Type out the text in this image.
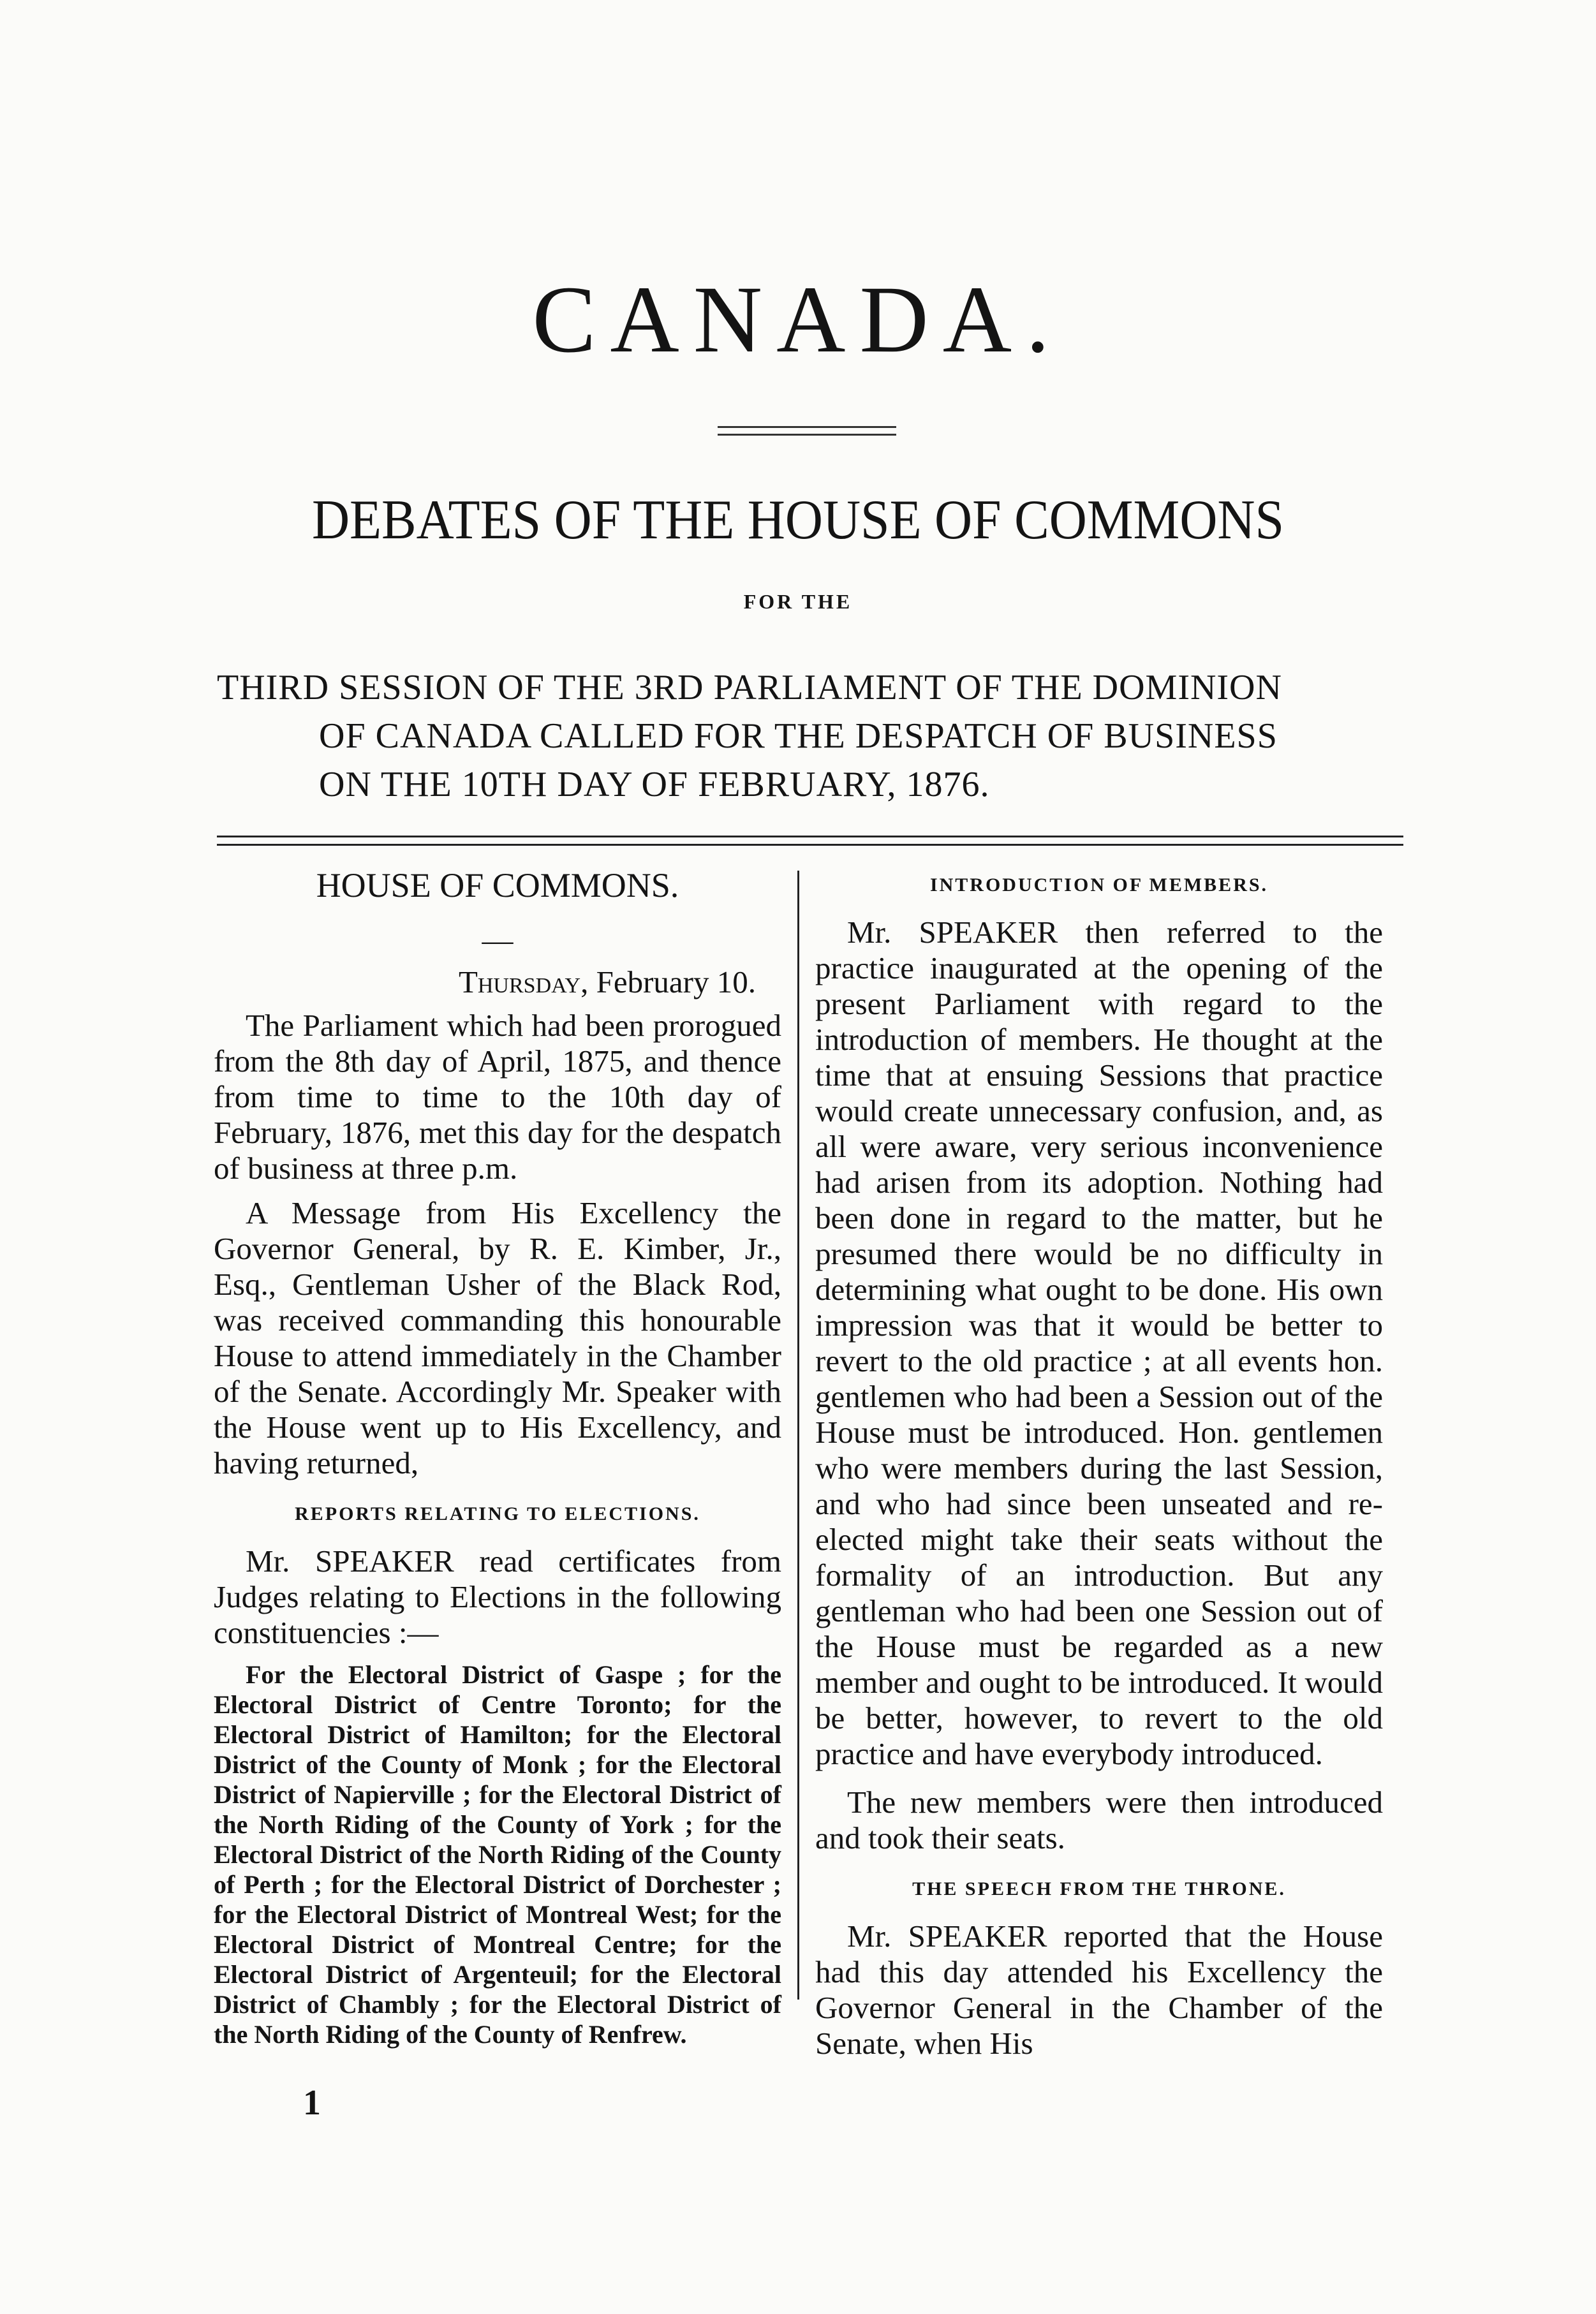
CANADA.
DEBATES OF THE HOUSE OF COMMONS
FOR THE

THIRD SESSION OF THE 3RD PARLIAMENT OF THE DOMINION

OF CANADA CALLED FOR THE DESPATCH OF BUSINESS

ON THE 10TH DAY OF FEBRUARY, 1876.

HOUSE OF COMMONS.
—
Thursday, February 10.

The Parliament which had been prorogued from the 8th day of April, 1875, and thence from time to time to the 10th day of February, 1876, met this day for the despatch of business at three p.m.

A Message from His Excellency the Governor General, by R. E. Kimber, Jr., Esq., Gentleman Usher of the Black Rod, was received commanding this honourable House to attend immediately in the Chamber of the Senate. Accordingly Mr. Speaker with the House went up to His Excellency, and having returned,

REPORTS RELATING TO ELECTIONS.

Mr. SPEAKER read certificates from Judges relating to Elections in the following constituencies :—

For the Electoral District of Gaspe ; for the Electoral District of Centre Toronto; for the Electoral District of Hamilton; for the Electoral District of the County of Monk ; for the Electoral District of Napierville ; for the Electoral District of the North Riding of the County of York ; for the Electoral District of the North Riding of the County of Perth ; for the Electoral District of Dorchester ; for the Electoral District of Montreal West; for the Electoral District of Montreal Centre; for the Electoral District of Argenteuil; for the Electoral District of Chambly ; for the Electoral District of the North Riding of the County of Renfrew.

INTRODUCTION OF MEMBERS.

Mr. SPEAKER then referred to the practice inaugurated at the opening of the present Parliament with regard to the introduction of members. He thought at the time that at ensuing Sessions that practice would create unnecessary confusion, and, as all were aware, very serious inconvenience had arisen from its adoption. Nothing had been done in regard to the matter, but he presumed there would be no difficulty in determining what ought to be done. His own impression was that it would be better to revert to the old practice ; at all events hon. gentlemen who had been a Session out of the House must be introduced. Hon. gentlemen who were members during the last Session, and who had since been unseated and re-elected might take their seats without the formality of an introduction. But any gentleman who had been one Session out of the House must be regarded as a new member and ought to be introduced. It would be better, however, to revert to the old practice and have everybody introduced.

The new members were then introduced and took their seats.

THE SPEECH FROM THE THRONE.

Mr. SPEAKER reported that the House had this day attended his Excellency the Governor General in the Chamber of the Senate, when His

1
